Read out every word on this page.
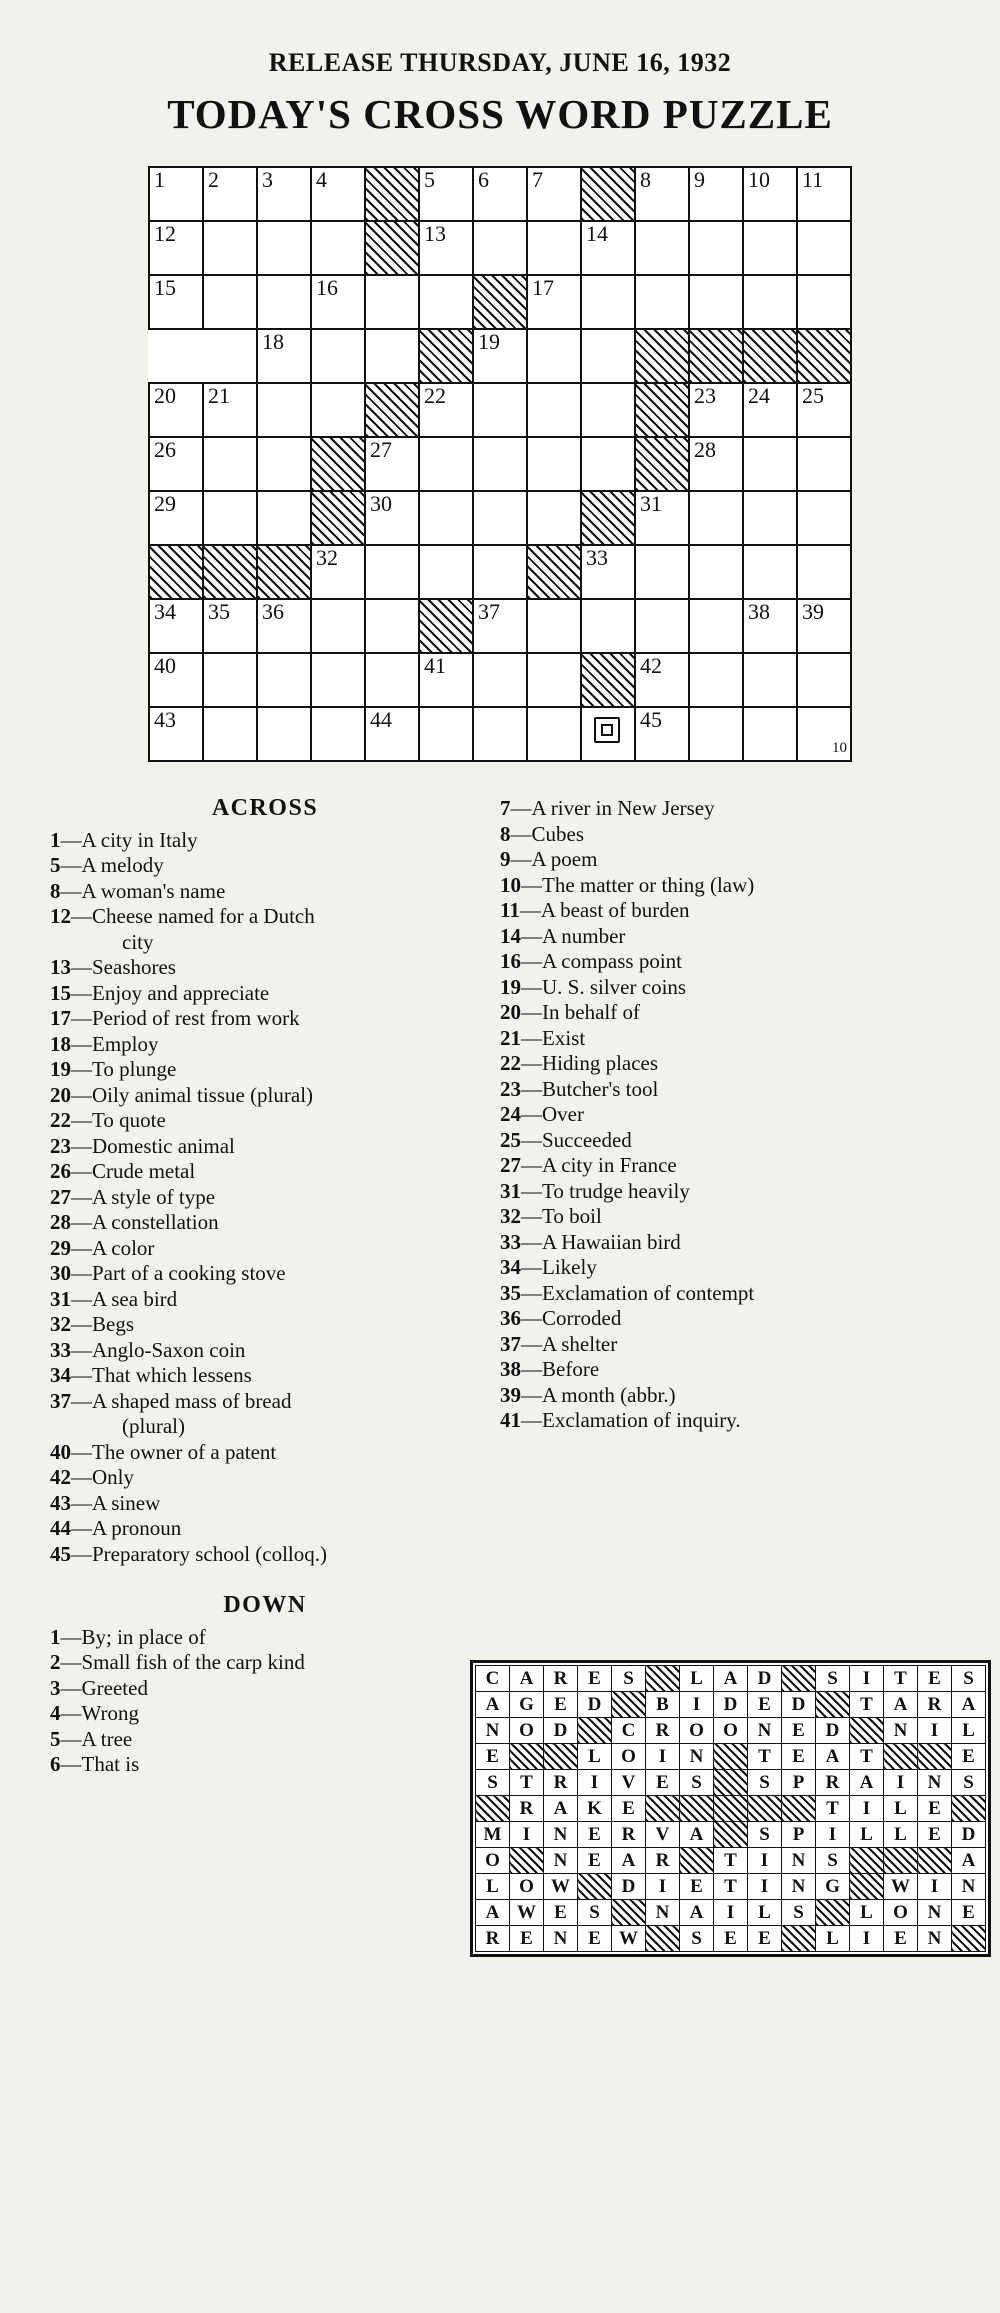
RELEASE THURSDAY, JUNE 16, 1932
TODAY'S CROSS WORD PUZZLE
1	2	3	4		5	6	7		8	9	10	11

12					13			14				

15			16				17					

		18				19						

20	21				22					23	24	25

26				27						28		

29				30					31			

			32					33				

34	35	36				37					38	39

40					41				42			

43				44					45			10
ACROSS
1—A city in Italy
5—A melody
8—A woman's name
12—Cheese named for a Dutch
city
13—Seashores
15—Enjoy and appreciate
17—Period of rest from work
18—Employ
19—To plunge
20—Oily animal tissue (plural)
22—To quote
23—Domestic animal
26—Crude metal
27—A style of type
28—A constellation
29—A color
30—Part of a cooking stove
31—A sea bird
32—Begs
33—Anglo-Saxon coin
34—That which lessens
37—A shaped mass of bread
(plural)
40—The owner of a patent
42—Only
43—A sinew
44—A pronoun
45—Preparatory school (colloq.)
DOWN
1—By; in place of
2—Small fish of the carp kind
3—Greeted
4—Wrong
5—A tree
6—That is
7—A river in New Jersey
8—Cubes
9—A poem
10—The matter or thing (law)
11—A beast of burden
14—A number
16—A compass point
19—U. S. silver coins
20—In behalf of
21—Exist
22—Hiding places
23—Butcher's tool
24—Over
25—Succeeded
27—A city in France
31—To trudge heavily
32—To boil
33—A Hawaiian bird
34—Likely
35—Exclamation of contempt
36—Corroded
37—A shelter
38—Before
39—A month (abbr.)
41—Exclamation of inquiry.
C	A	R	E	S		L	A	D		S	I	T	E	S
A	G	E	D		B	I	D	E	D		T	A	R	A
N	O	D		C	R	O	O	N	E	D		N	I	L
E			L	O	I	N		T	E	A	T			E
S	T	R	I	V	E	S		S	P	R	A	I	N	S
	R	A	K	E						T	I	L	E	
M	I	N	E	R	V	A		S	P	I	L	L	E	D
O		N	E	A	R		T	I	N	S				A
L	O	W		D	I	E	T	I	N	G		W	I	N
A	W	E	S		N	A	I	L	S		L	O	N	E
R	E	N	E	W		S	E	E		L	I	E	N	
